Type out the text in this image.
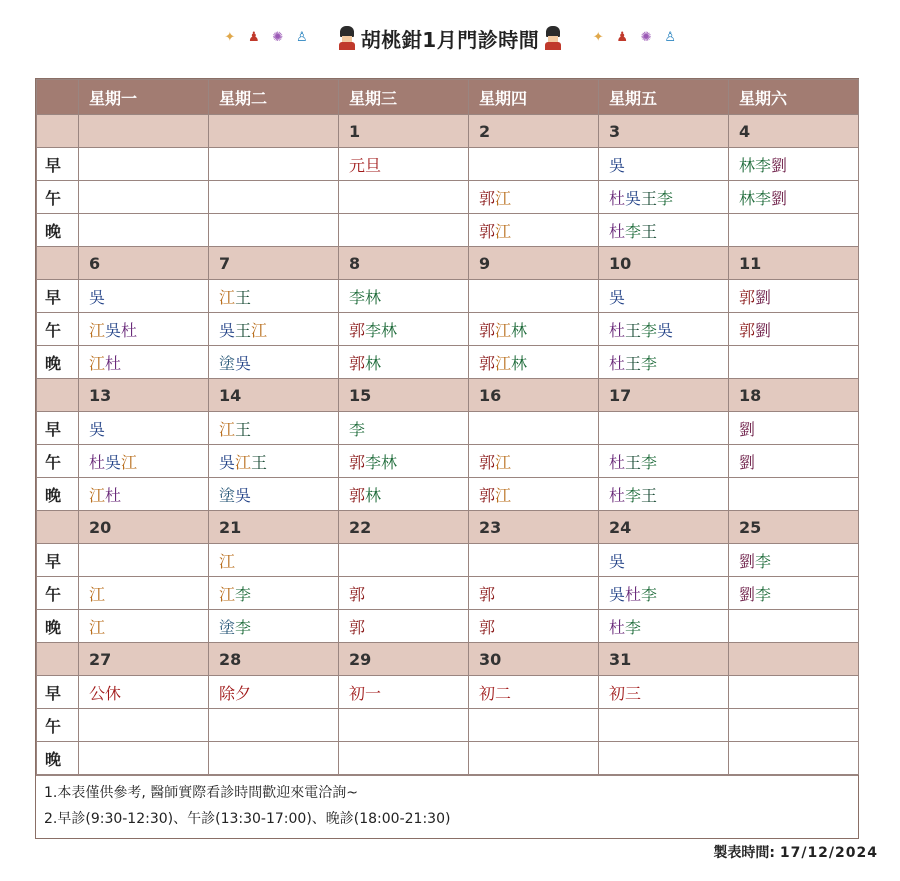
✦ ♟ ✺ ♙	胡桃鉗1月門診時間	✦ ♟ ✺ ♙
	星期一	星期二	星期三	星期四	星期五	星期六
			1	2	3	4
早			元旦		吳	林李劉
午				郭江	杜吳王李	林李劉
晚				郭江	杜李王	
	6	7	8	9	10	11
早	吳	江王	李林		吳	郭劉
午	江吳杜	吳王江	郭李林	郭江林	杜王李吳	郭劉
晚	江杜	塗吳	郭林	郭江林	杜王李	
	13	14	15	16	17	18
早	吳	江王	李			劉
午	杜吳江	吳江王	郭李林	郭江	杜王李	劉
晚	江杜	塗吳	郭林	郭江	杜李王	
	20	21	22	23	24	25
早		江			吳	劉李
午	江	江李	郭	郭	吳杜李	劉李
晚	江	塗李	郭	郭	杜李	
	27	28	29	30	31	
早	公休	除夕	初一	初二	初三	
午						
晚						
1.本表僅供參考, 醫師實際看診時間歡迎來電洽詢~
2.早診(9:30-12:30)、午診(13:30-17:00)、晚診(18:00-21:30)
製表時間: 17/12/2024
